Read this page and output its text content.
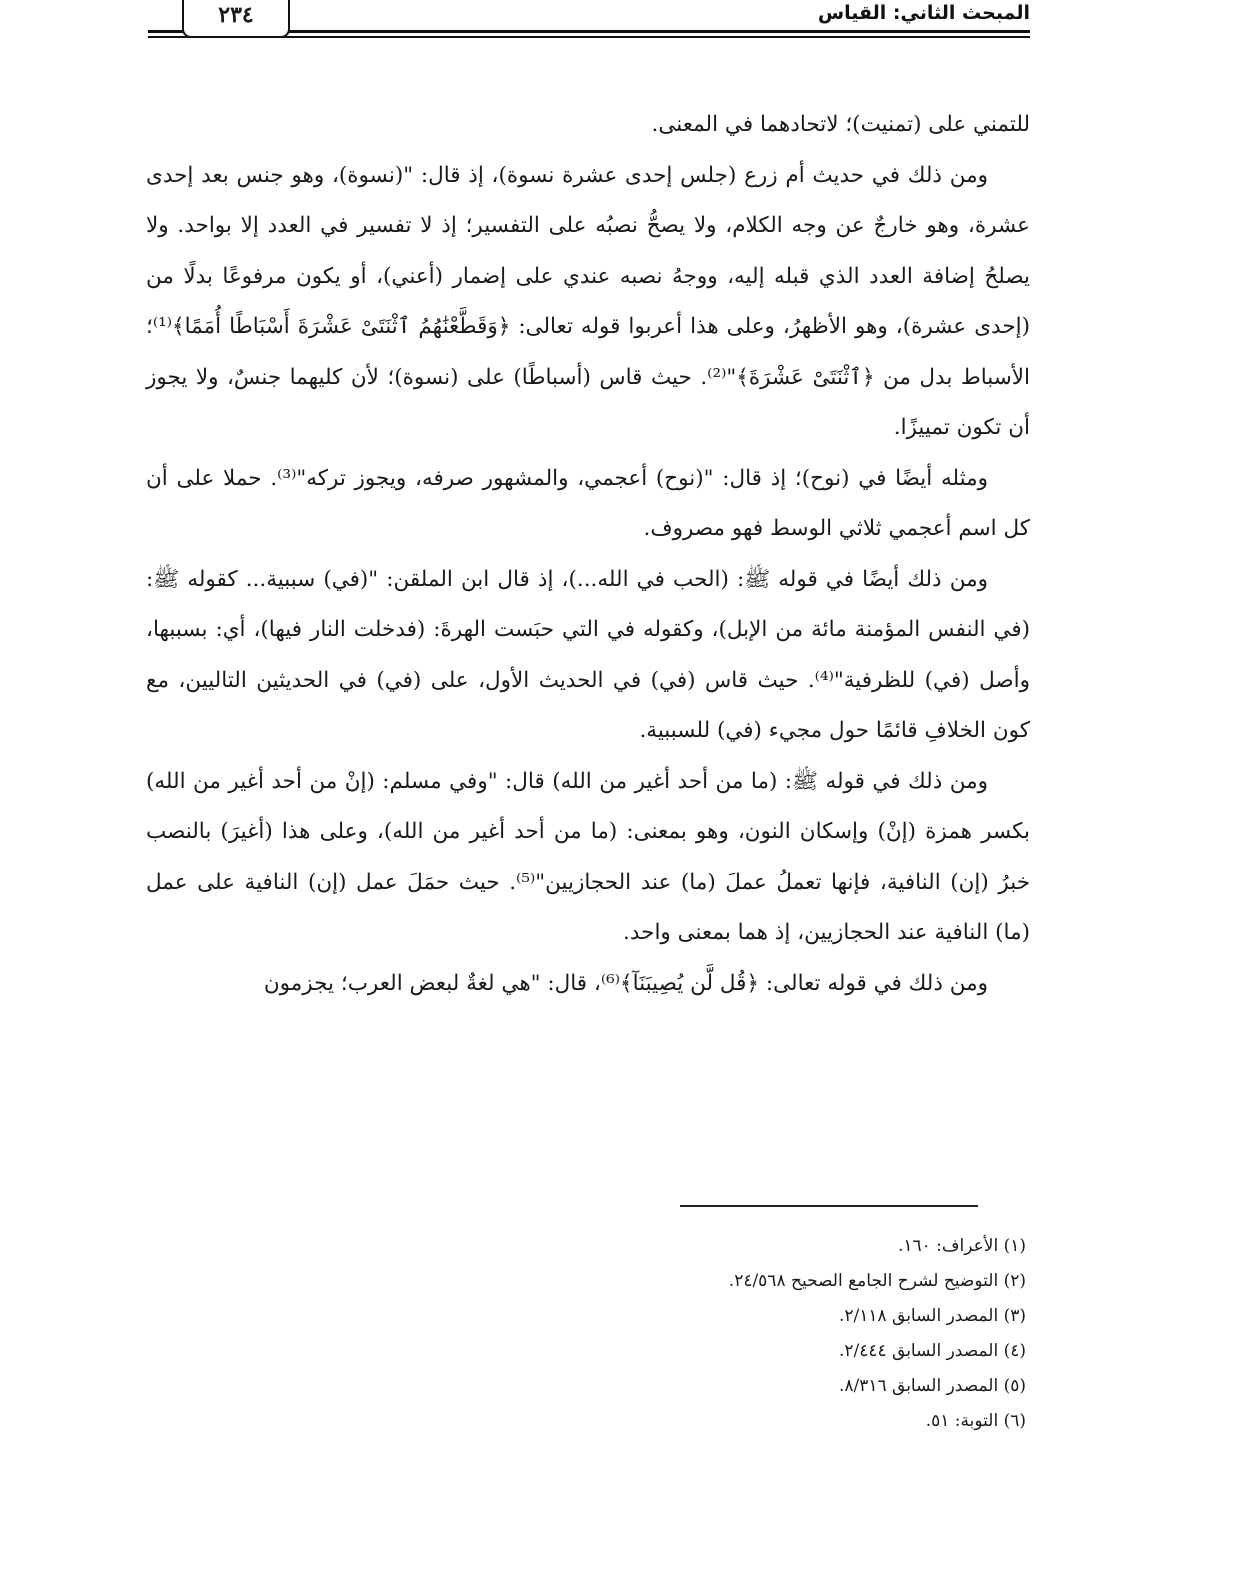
المبحث الثاني: القياس
٢٣٤

للتمني على (تمنيت)؛ لاتحادهما في المعنى.

ومن ذلك في حديث أم زرع (جلس إحدى عشرة نسوة)، إذ قال: "(نسوة)، وهو جنس بعد إحدى عشرة، وهو خارجٌ عن وجه الكلام، ولا يصحُّ نصبُه على التفسير؛ إذ لا تفسير في العدد إلا بواحد. ولا يصلحُ إضافة العدد الذي قبله إليه، ووجهُ نصبه عندي على إضمار (أعني)، أو يكون مرفوعًا بدلًا من (إحدى عشرة)، وهو الأظهرُ، وعلى هذا أعربوا قوله تعالى: ﴿وَقَطَّعْنَٰهُمُ ٱثْنَتَىْ عَشْرَةَ أَسْبَاطًا أُمَمًا﴾⁽¹⁾؛ الأسباط بدل من ﴿ٱثْنَتَىْ عَشْرَةَ﴾"⁽²⁾. حيث قاس (أسباطًا) على (نسوة)؛ لأن كليهما جنسٌ، ولا يجوز أن تكون تمييزًا.

ومثله أيضًا في (نوح)؛ إذ قال: "(نوح) أعجمي، والمشهور صرفه، ويجوز تركه"⁽³⁾. حملا على أن كل اسم أعجمي ثلاثي الوسط فهو مصروف.

ومن ذلك أيضًا في قوله ﷺ: (الحب في الله...)، إذ قال ابن الملقن: "(في) سببية... كقوله ﷺ: (في النفس المؤمنة مائة من الإبل)، وكقوله في التي حبَست الهرةَ: (فدخلت النار فيها)، أي: بسببها، وأصل (في) للظرفية"⁽⁴⁾. حيث قاس (في) في الحديث الأول، على (في) في الحديثين التاليين، مع كون الخلافِ قائمًا حول مجيء (في) للسببية.

ومن ذلك في قوله ﷺ: (ما من أحد أغير من الله) قال: "وفي مسلم: (إنْ من أحد أغير من الله) بكسر همزة (إنْ) وإسكان النون، وهو بمعنى: (ما من أحد أغير من الله)، وعلى هذا (أغيرَ) بالنصب خبرُ (إن) النافية، فإنها تعملُ عملَ (ما) عند الحجازيين"⁽⁵⁾. حيث حمَلَ عمل (إن) النافية على عمل (ما) النافية عند الحجازيين، إذ هما بمعنى واحد.

ومن ذلك في قوله تعالى: ﴿قُل لَّن يُصِيبَنَآ﴾⁽⁶⁾، قال: "هي لغةٌ لبعض العرب؛ يجزمون

(١) الأعراف: ١٦٠.
(٢) التوضيح لشرح الجامع الصحيح ٢٤/٥٦٨.
(٣) المصدر السابق ٢/١١٨.
(٤) المصدر السابق ٢/٤٤٤.
(٥) المصدر السابق ٨/٣١٦.
(٦) التوبة: ٥١.
